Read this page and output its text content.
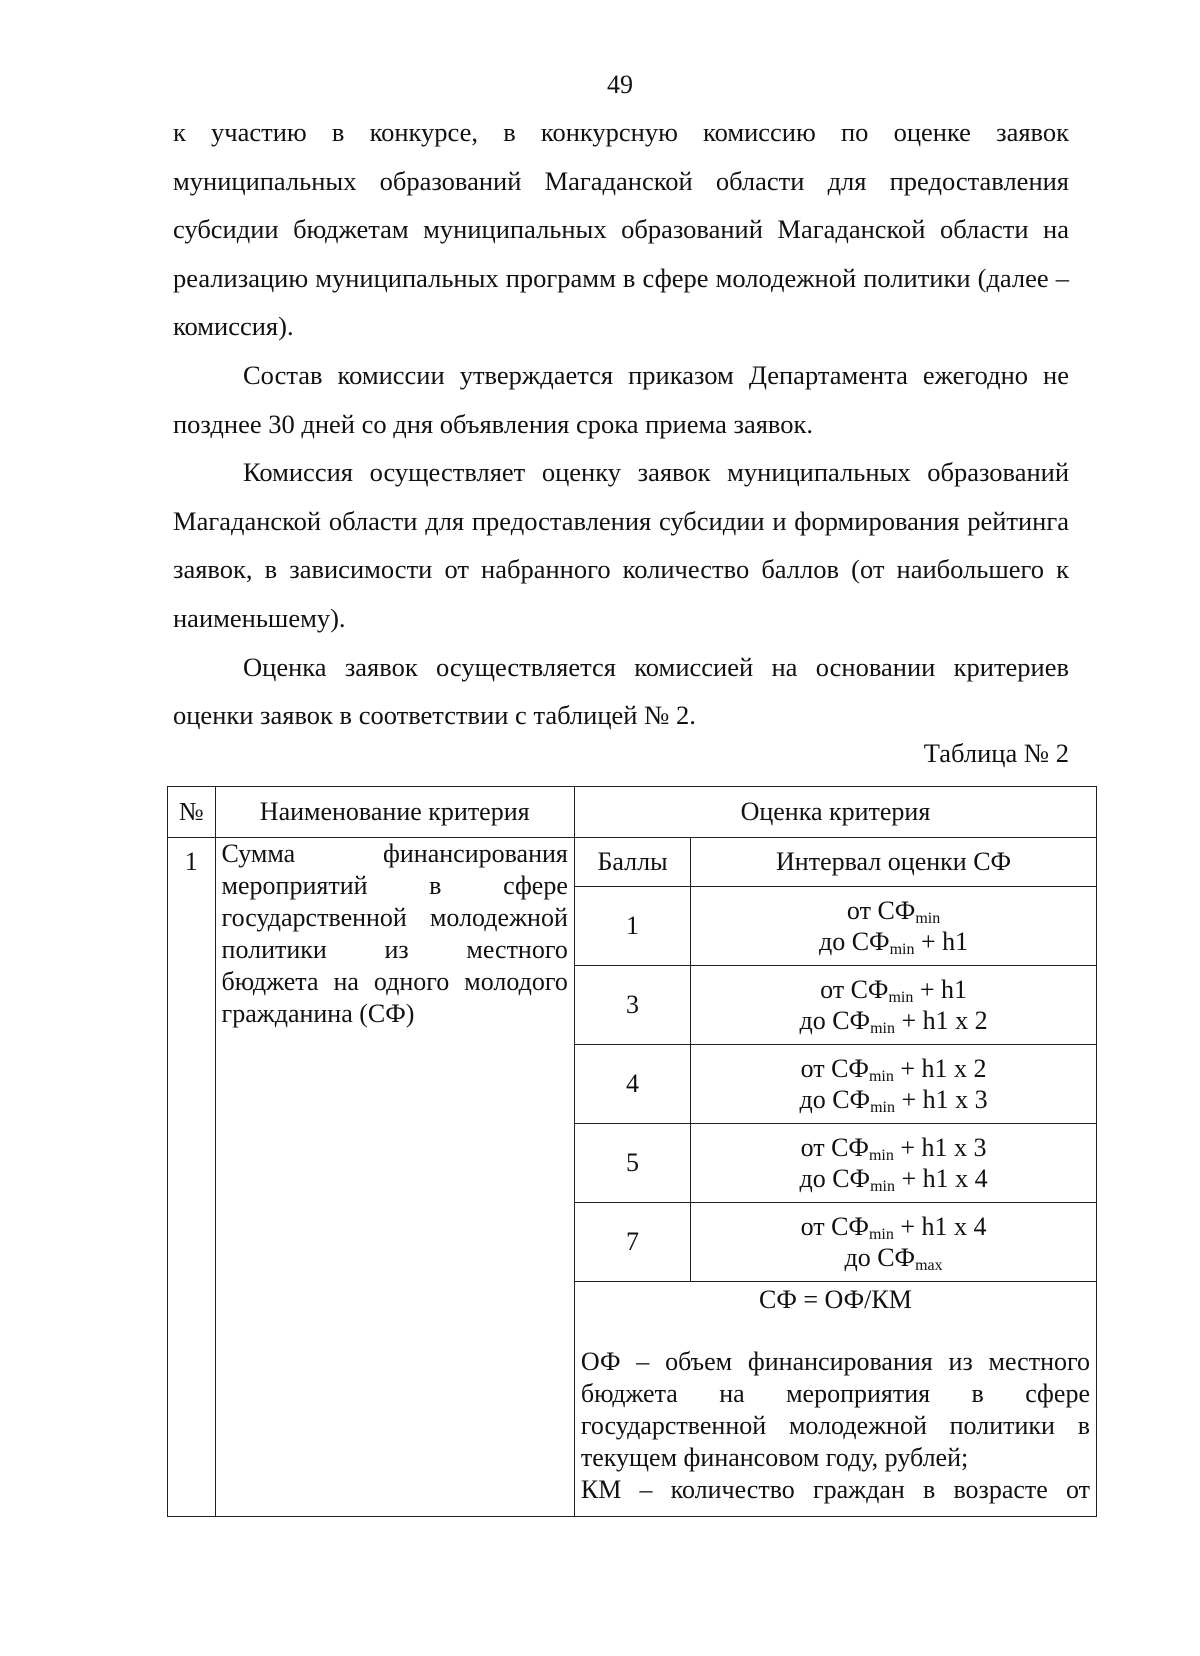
49

к участию в конкурсе, в конкурсную комиссию по оценке заявок муниципальных образований Магаданской области для предоставления субсидии бюджетам муниципальных образований Магаданской области на реализацию муниципальных программ в сфере молодежной политики (далее – комиссия).

Состав комиссии утверждается приказом Департамента ежегодно не позднее 30 дней со дня объявления срока приема заявок.

Комиссия осуществляет оценку заявок муниципальных образований Магаданской области для предоставления субсидии и формирования рейтинга заявок, в зависимости от набранного количество баллов (от наибольшего к наименьшему).

Оценка заявок осуществляется комиссией на основании критериев оценки заявок в соответствии с таблицей № 2.

Таблица № 2
№	Наименование критерия	Оценка критерия	
1	Сумма финансирования мероприятий в сфере государственной молодежной политики из местного бюджета на одного молодого гражданина (СФ)	Баллы	Интервал оценки СФ
		1	от $СФ_{min}$
до $СФ_{min} + h1$

		3	от $СФ_{min} + h1$
до $СФ_{min} + h1$ x 2

		4	от $СФ_{min} + h1$ x 2
до $СФ_{min} + h1$ x 3

		5	от $СФ_{min} + h1$ x 3
до $СФ_{min} + h1$ x 4

		7	от $СФ_{min} + h1$ x 4
до $СФ_{max}$

		СФ = ОФ/КМ

ОФ – объем финансирования из местного бюджета на мероприятия в сфере государственной молодежной политики в текущем финансовом году, рублей;

КМ – количество граждан в возрасте от	
